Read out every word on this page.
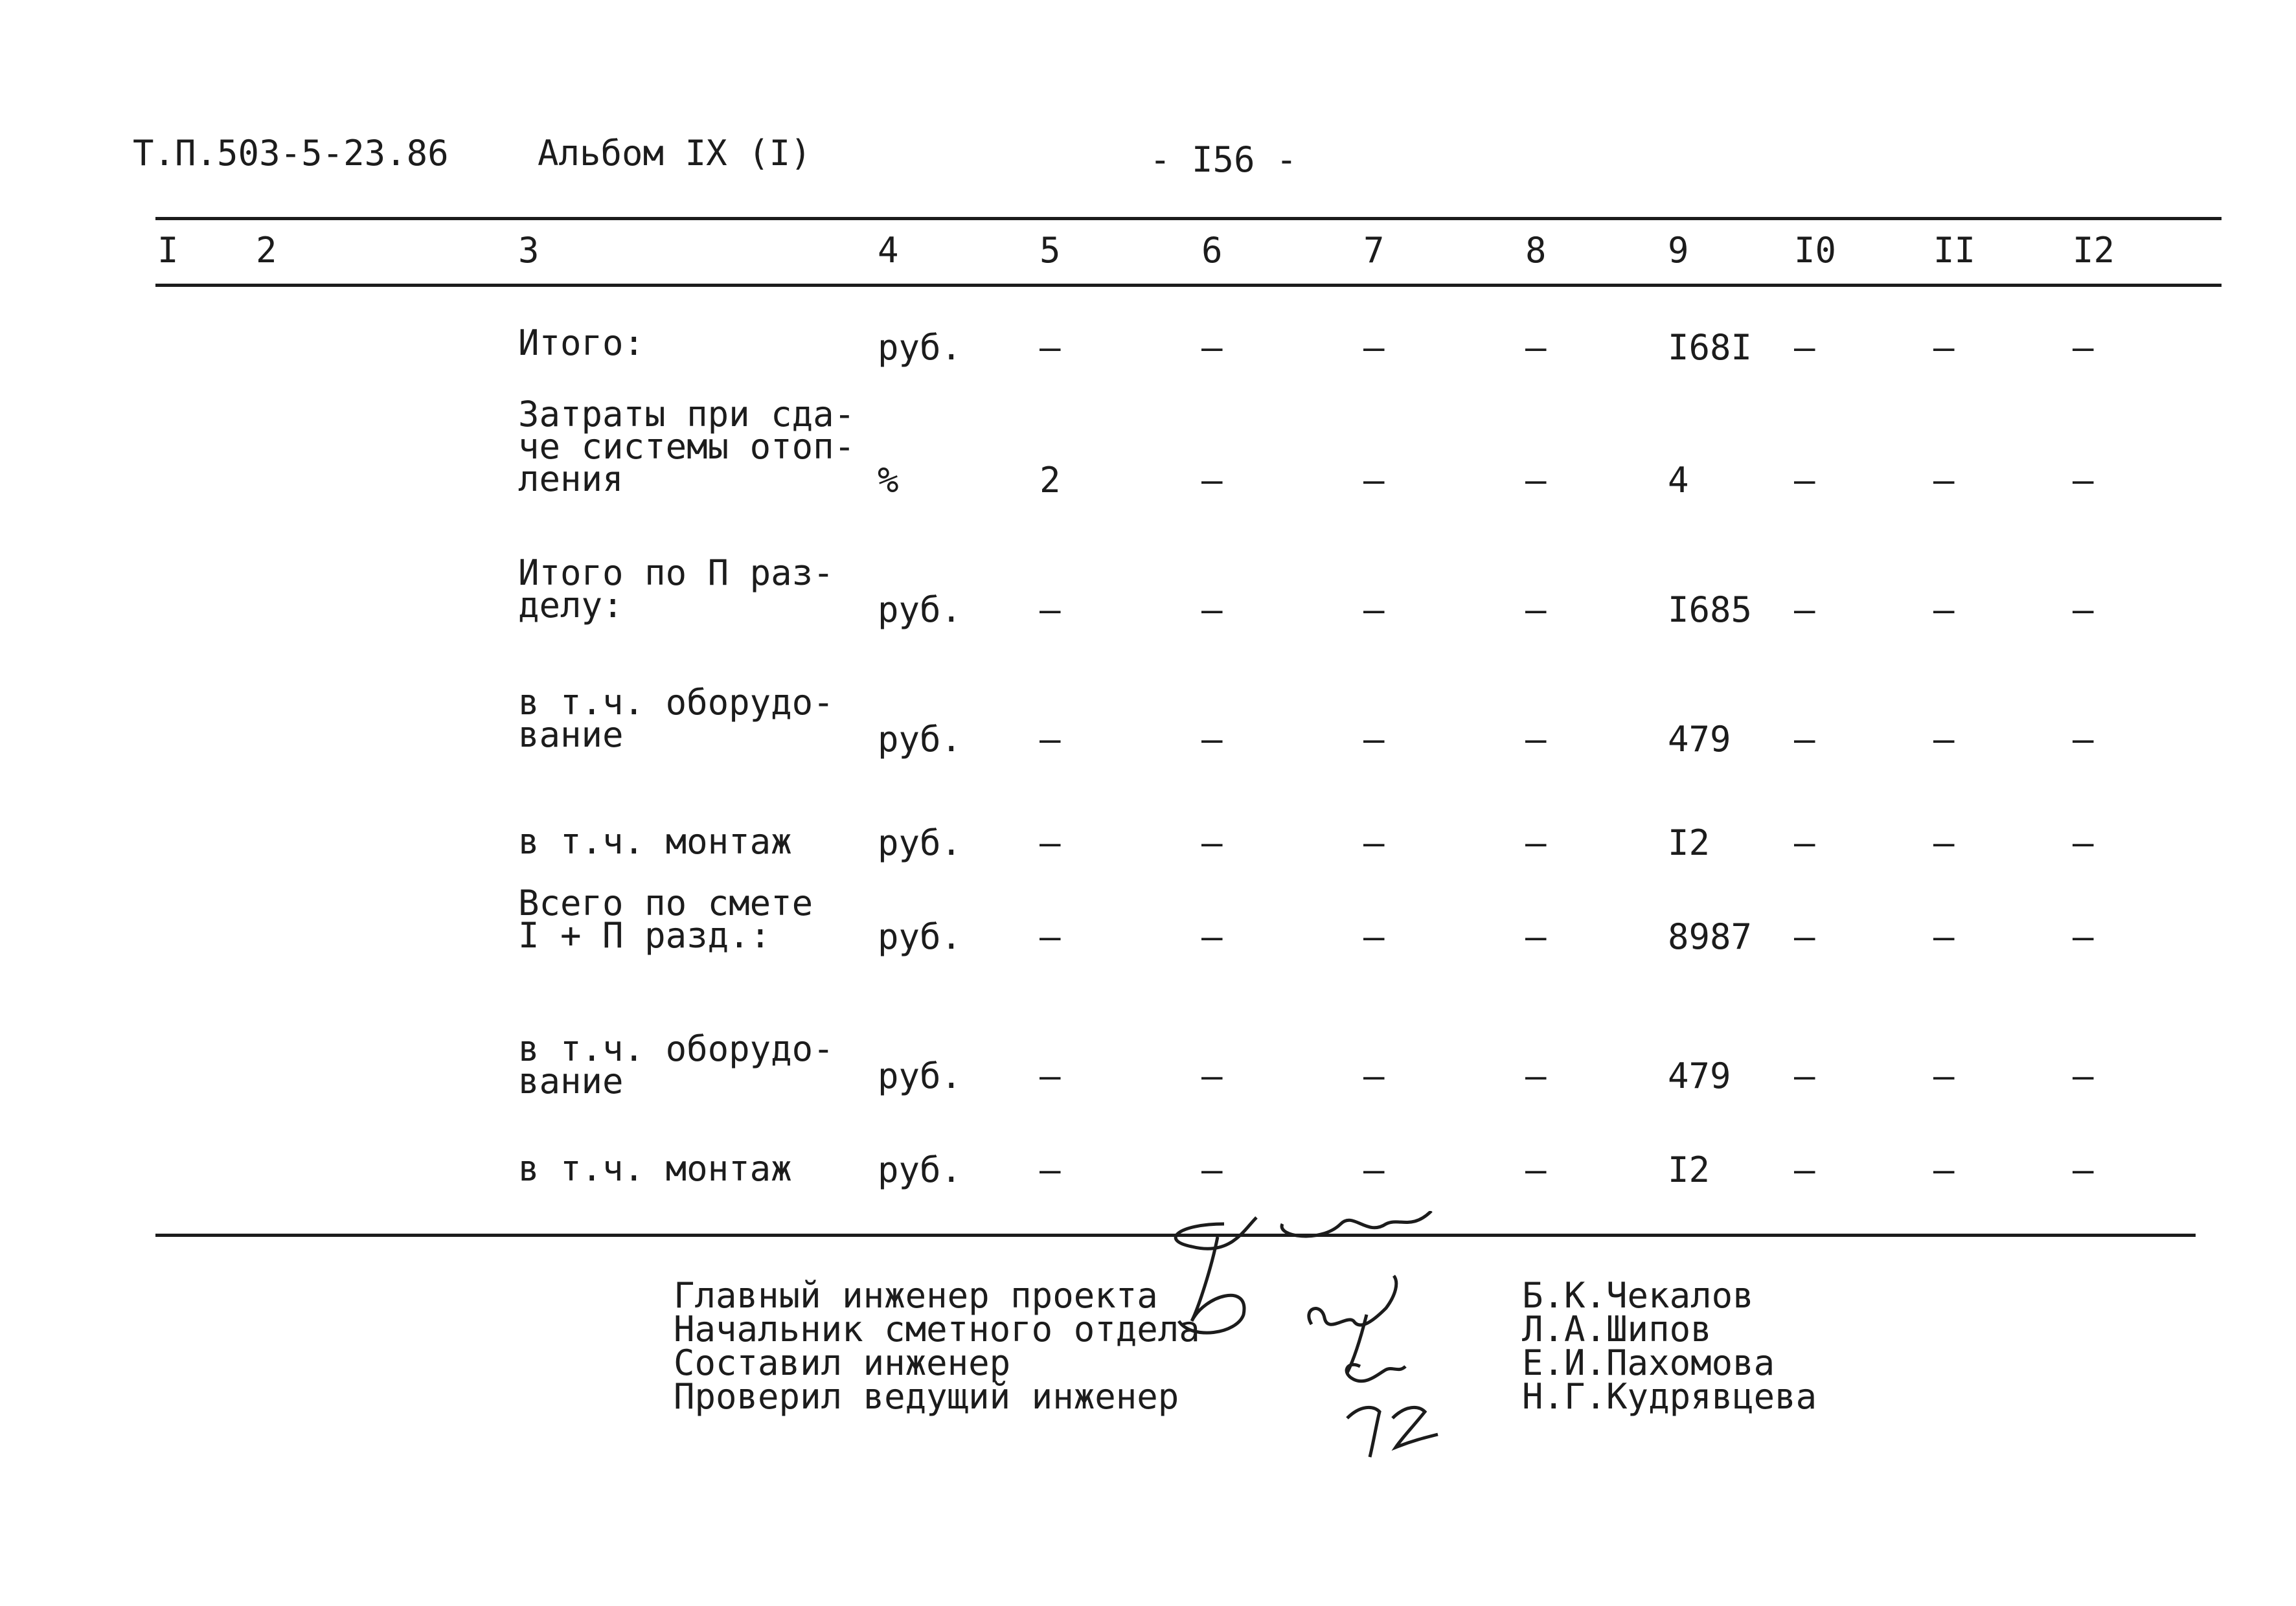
Т.П.503-5-23.86	Альбом IX (I)	- I56 -
I 2	3	4	5	6	7	8	9	I0	II	I2
Итого:	руб. –	–	–	–	I68I –	–	–
Затраты при сда-
че системы отоп-
ления	%	2	–	–	–	4	–	–	–
Итого по П раз-
делу:	руб. –	–	–	–	I685 –	–	–
в т.ч. оборудо-
вание	руб. –	–	–	–	479 –	–	–
в т.ч. монтаж руб. –	–	–	–	I2 –	–	–
Всего по смете
I + П разд.:	руб. –	–	–	–	8987 –	–	–
в т.ч. оборудо-
вание	руб. –	–	–	–	479 –	–	–
в т.ч. монтаж руб. –	–	–	–	I2 –	–	–
Главный инженер проекта
Начальник сметного отдела
Составил инженер
Проверил ведущий инженер
Б.К.Чекалов
Л.А.Шипов
Е.И.Пахомова
Н.Г.Кудрявцева
